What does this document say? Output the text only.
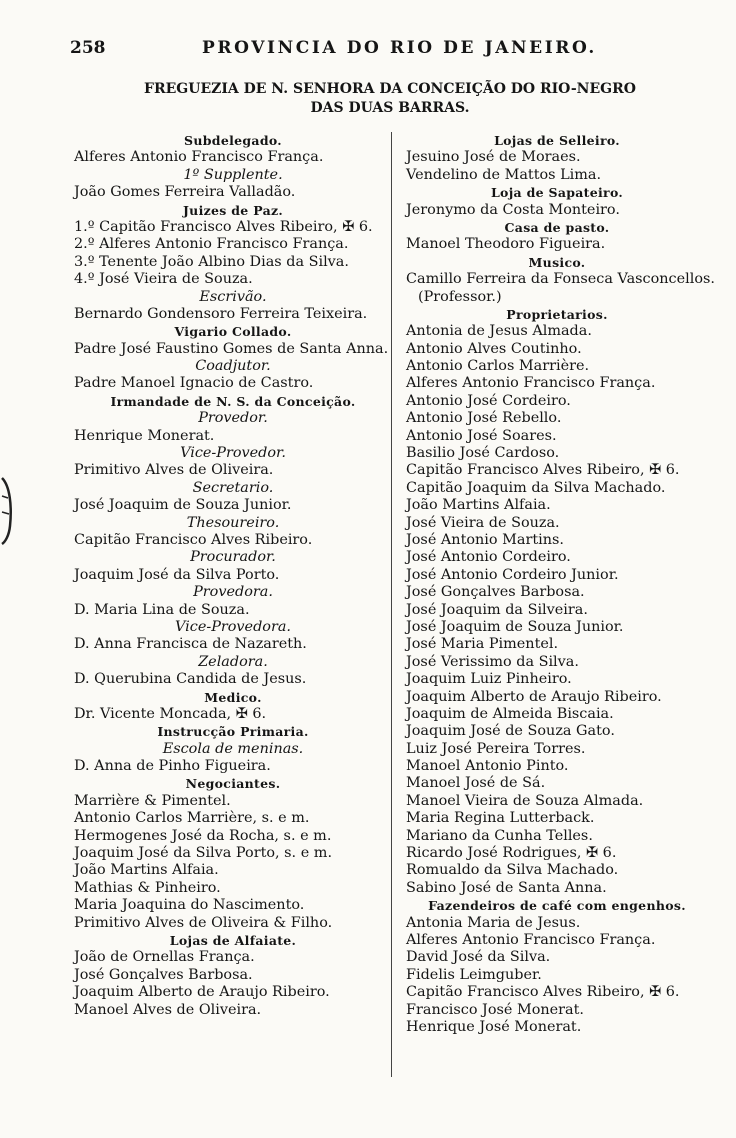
258	PROVINCIA DO RIO DE JANEIRO.
FREGUEZIA DE N. SENHORA DA CONCEIÇÃO DO RIO-NEGRO
DAS DUAS BARRAS.
Subdelegado.
Alferes Antonio Francisco França.
1º Supplente.
João Gomes Ferreira Valladão.
Juizes de Paz.
1.º Capitão Francisco Alves Ribeiro, ✠ 6.
2.º Alferes Antonio Francisco França.
3.º Tenente João Albino Dias da Silva.
4.º José Vieira de Souza.
Escrivão.
Bernardo Gondensoro Ferreira Teixeira.
Vigario Collado.
Padre José Faustino Gomes de Santa Anna.
Coadjutor.
Padre Manoel Ignacio de Castro.
Irmandade de N. S. da Conceição.
Provedor.
Henrique Monerat.
Vice-Provedor.
Primitivo Alves de Oliveira.
Secretario.
José Joaquim de Souza Junior.
Thesoureiro.
Capitão Francisco Alves Ribeiro.
Procurador.
Joaquim José da Silva Porto.
Provedora.
D. Maria Lina de Souza.
Vice-Provedora.
D. Anna Francisca de Nazareth.
Zeladora.
D. Querubina Candida de Jesus.
Medico.
Dr. Vicente Moncada, ✠ 6.
Instrucção Primaria.
Escola de meninas.
D. Anna de Pinho Figueira.
Negociantes.
Marrière & Pimentel.
Antonio Carlos Marrière, s. e m.
Hermogenes José da Rocha, s. e m.
Joaquim José da Silva Porto, s. e m.
João Martins Alfaia.
Mathias & Pinheiro.
Maria Joaquina do Nascimento.
Primitivo Alves de Oliveira & Filho.
Lojas de Alfaiate.
João de Ornellas França.
José Gonçalves Barbosa.
Joaquim Alberto de Araujo Ribeiro.
Manoel Alves de Oliveira.
Lojas de Selleiro.
Jesuino José de Moraes.
Vendelino de Mattos Lima.
Loja de Sapateiro.
Jeronymo da Costa Monteiro.
Casa de pasto.
Manoel Theodoro Figueira.
Musico.
Camillo Ferreira da Fonseca Vasconcellos.
(Professor.)
Proprietarios.
Antonia de Jesus Almada.
Antonio Alves Coutinho.
Antonio Carlos Marrière.
Alferes Antonio Francisco França.
Antonio José Cordeiro.
Antonio José Rebello.
Antonio José Soares.
Basilio José Cardoso.
Capitão Francisco Alves Ribeiro, ✠ 6.
Capitão Joaquim da Silva Machado.
João Martins Alfaia.
José Vieira de Souza.
José Antonio Martins.
José Antonio Cordeiro.
José Antonio Cordeiro Junior.
José Gonçalves Barbosa.
José Joaquim da Silveira.
José Joaquim de Souza Junior.
José Maria Pimentel.
José Verissimo da Silva.
Joaquim Luiz Pinheiro.
Joaquim Alberto de Araujo Ribeiro.
Joaquim de Almeida Biscaia.
Joaquim José de Souza Gato.
Luiz José Pereira Torres.
Manoel Antonio Pinto.
Manoel José de Sá.
Manoel Vieira de Souza Almada.
Maria Regina Lutterback.
Mariano da Cunha Telles.
Ricardo José Rodrigues, ✠ 6.
Romualdo da Silva Machado.
Sabino José de Santa Anna.
Fazendeiros de café com engenhos.
Antonia Maria de Jesus.
Alferes Antonio Francisco França.
David José da Silva.
Fidelis Leimguber.
Capitão Francisco Alves Ribeiro, ✠ 6.
Francisco José Monerat.
Henrique José Monerat.
